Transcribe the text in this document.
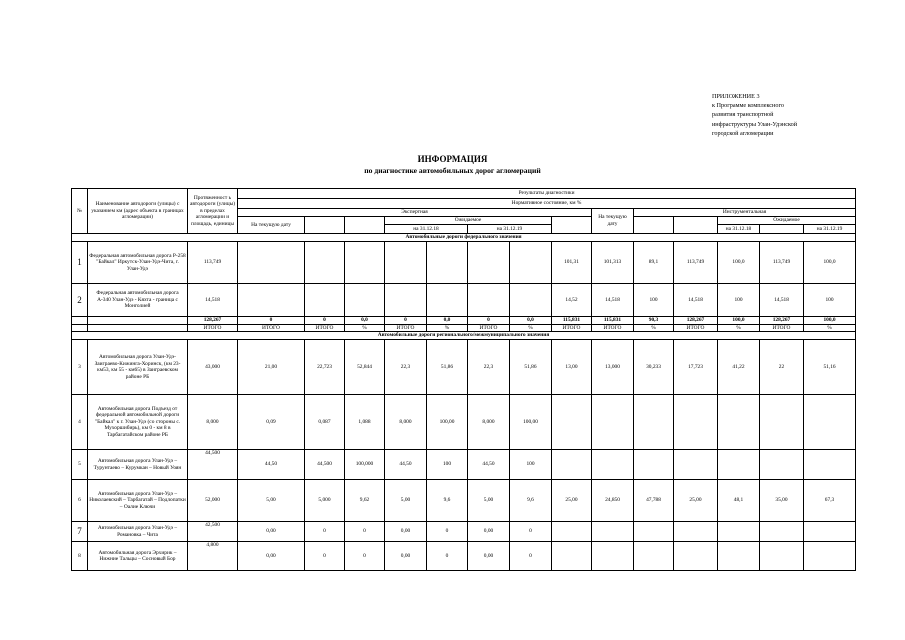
ПРИЛОЖЕНИЕ 3
к Программе комплексного
развития транспортной
инфраструктуры Улан-Удэнской
городской агломерации
ИНФОРМАЦИЯ
по диагностике автомобильных дорог агломераций
№	Наименование автодороги (улицы) с указанием км (адрес объекта в границах агломерации)	Протяженност ь автодороги (улицы) в пределах агломерации и площадь, единицы	Результаты диагностики													
			Нормативное состояние, км %													
			Экспертная								На текущую дату	Инструментальная				
			На текущую дату			Ожидаемое								Ожидаемое		
						на 31.12.18		на 31.12.19						на 31.12.18		на 31.12.19
Автомобильные дороги федерального значения																
1	Федеральная автомобильная дорога Р-258 "Байкал" Иркутск-Улан-Удэ-Чита, г. Улан-Удэ	113,749								101,31	101,313	89,1	113,749	100,0	113,749	100,0
2	Федеральная автомобильная дорога А-340 Улан-Удэ - Кяхта - граница с Монголией	14,518								14,52	14,518	100	14,518	100	14,518	100
		128,267	0	0	0,0	0	0,0	0	0,0	115,831	115,831	90,3	128,267	100,0	128,267	100,0
		ИТОГО	ИТОГО	ИТОГО	%	ИТОГО	%	ИТОГО	%	ИТОГО	ИТОГО	%	ИТОГО	%	ИТОГО	%
Автомобильные дороги регионального/межмуниципального значения																
3	Автомобильная дорога Улан-Удэ-Заиграево-Кижинга-Хоринск, (км 23-км53, км 55 - км65) в Заиграевском районе РБ	43,000	21,00	22,723	52,844	22,3	51,86	22,3	51,86	13,00	13,000	30,233	17,723	41,22	22	51,16
4	Автомобильная дорога Подъезд от федеральной автомобильной дороги "Байкал" к г. Улан-Удэ (со стороны с. Мухоршибирь), км 0 - км 8 в Тарбагатайском районе РБ	8,000	0,09	0,087	1,088	8,000	100,00	8,000	100,00							
5	Автомобильная дорога Улан-Удэ – Турунтаево – Курумкан – Новый Уоян	44,500	44,50	44,500	100,000	44,50	100	44,50	100							
6	Автомобильная дорога Улан-Удэ – Николаевский – Тарбагатай – Подлопатки – Оалие Ключи	52,000	5,00	5,000	9,62	5,00	9,6	5,00	9,6	25,00	24,850	47,788	25,00	48,1	35,00	67,3
7	Автомобильная дорога Улан-Удэ – Романовка – Чита	42,500	0,00	0	0	0,00	0	0,00	0							
8	Автомобильная дорога Эрхирик – Нижние Тальцы – Сосновый Бор	4,800	0,00	0	0	0,00	0	0,00	0							
